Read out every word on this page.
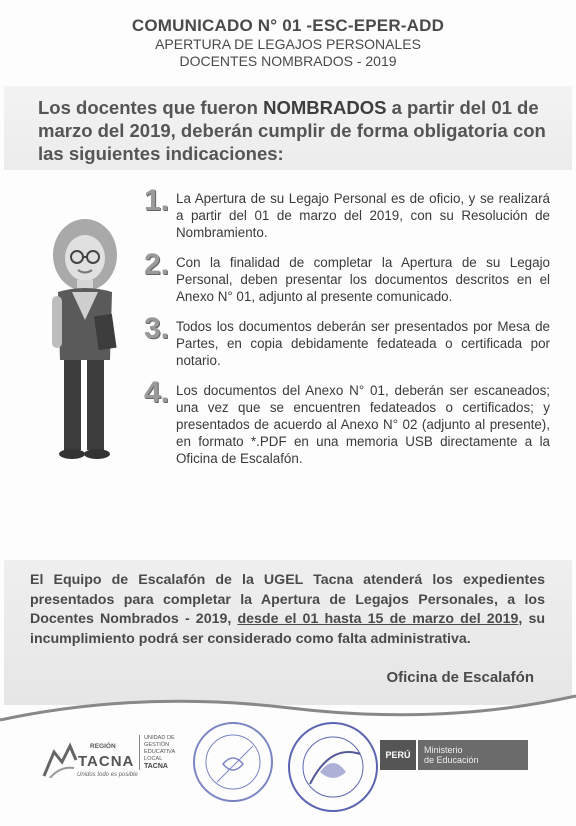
COMUNICADO N° 01 -ESC-EPER-ADD
APERTURA DE LEGAJOS PERSONALES
DOCENTES NOMBRADOS - 2019
Los docentes que fueron NOMBRADOS a partir del 01 de marzo del 2019, deberán cumplir de forma obligatoria con las siguientes indicaciones:
1. La Apertura de su Legajo Personal es de oficio, y se realizará a partir del 01 de marzo del 2019, con su Resolución de Nombramiento.
2. Con la finalidad de completar la Apertura de su Legajo Personal, deben presentar los documentos descritos en el Anexo N° 01, adjunto al presente comunicado.
3. Todos los documentos deberán ser presentados por Mesa de Partes, en copia debidamente fedateada o certificada por notario.
4. Los documentos del Anexo N° 01, deberán ser escaneados; una vez que se encuentren fedateados o certificados; y presentados de acuerdo al Anexo N° 02 (adjunto al presente), en formato *.PDF en una memoria USB directamente a la Oficina de Escalafón.
El Equipo de Escalafón de la UGEL Tacna atenderá los expedientes presentados para completar la Apertura de Legajos Personales, a los Docentes Nombrados - 2019, desde el 01 hasta 15 de marzo del 2019, su incumplimiento podrá ser considerado como falta administrativa.
Oficina de Escalafón
REGIÓN
TACNA
Unidos todo es posible
UNIDAD DE
GESTIÓN
EDUCATIVA
LOCAL
TACNA
PERÚ	Ministerio
de Educación
